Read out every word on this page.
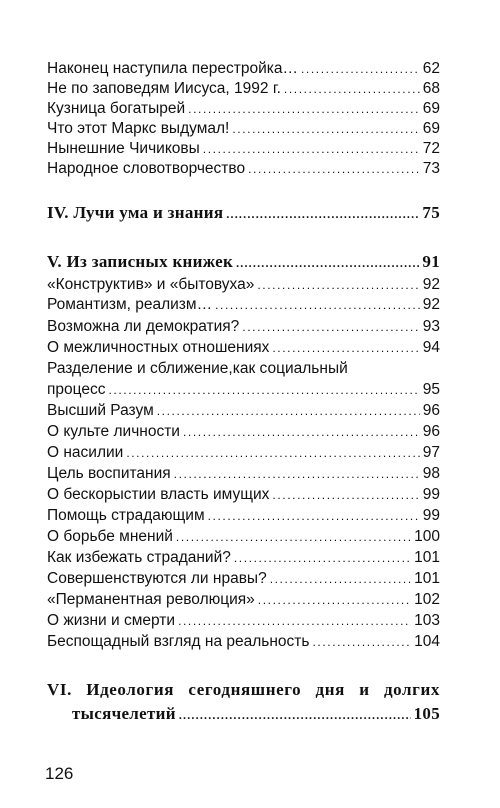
Наконец наступила перестройка… .....	62
Не по заповедям Иисуса, 1992 г. .....	68
Кузница богатырей .....	69
Что этот Маркс выдумал! .....	69
Нынешние Чичиковы .....	72
Народное словотворчество .....	73
IV. Лучи ума и знания .....	75
V. Из записных книжек .....	91
«Конструктив» и «бытовуха» .....	92
Романтизм, реализм… .....	92
Возможна ли демократия? .....	93
О межличностных отношениях .....	94
Разделение и сближение,как социальный
процесс .....	95
Высший Разум .....	96
О культе личности .....	96
О насилии .....	97
Цель воспитания .....	98
О бескорыстии власть имущих .....	99
Помощь страдающим .....	99
О борьбе мнений .....	100
Как избежать страданий? .....	101
Совершенствуются ли нравы? .....	101
«Перманентная революция» .....	102
О жизни и смерти .....	103
Беспощадный взгляд на реальность .....	104
VI. Идеология сегодняшнего дня и долгих
тысячелетий .....	105
126
